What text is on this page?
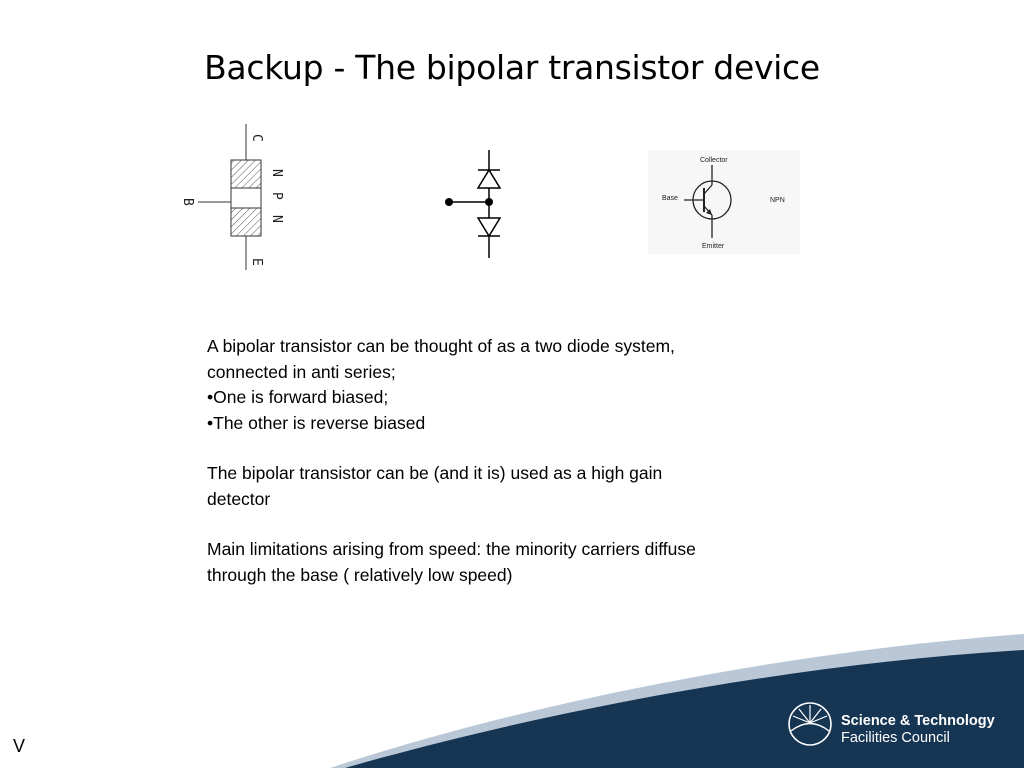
Backup - The bipolar transistor device
C
B
E
N
P
N
Collector
Base
Emitter
NPN

A bipolar transistor can be thought of as a two diode system,

connected in anti series;

•One is forward biased;

•The other is reverse biased

The bipolar transistor can be (and it is) used as a high gain

detector

Main limitations arising from speed: the minority carriers diffuse

through the base ( relatively low speed)

Science & Technology
Facilities Council
V
